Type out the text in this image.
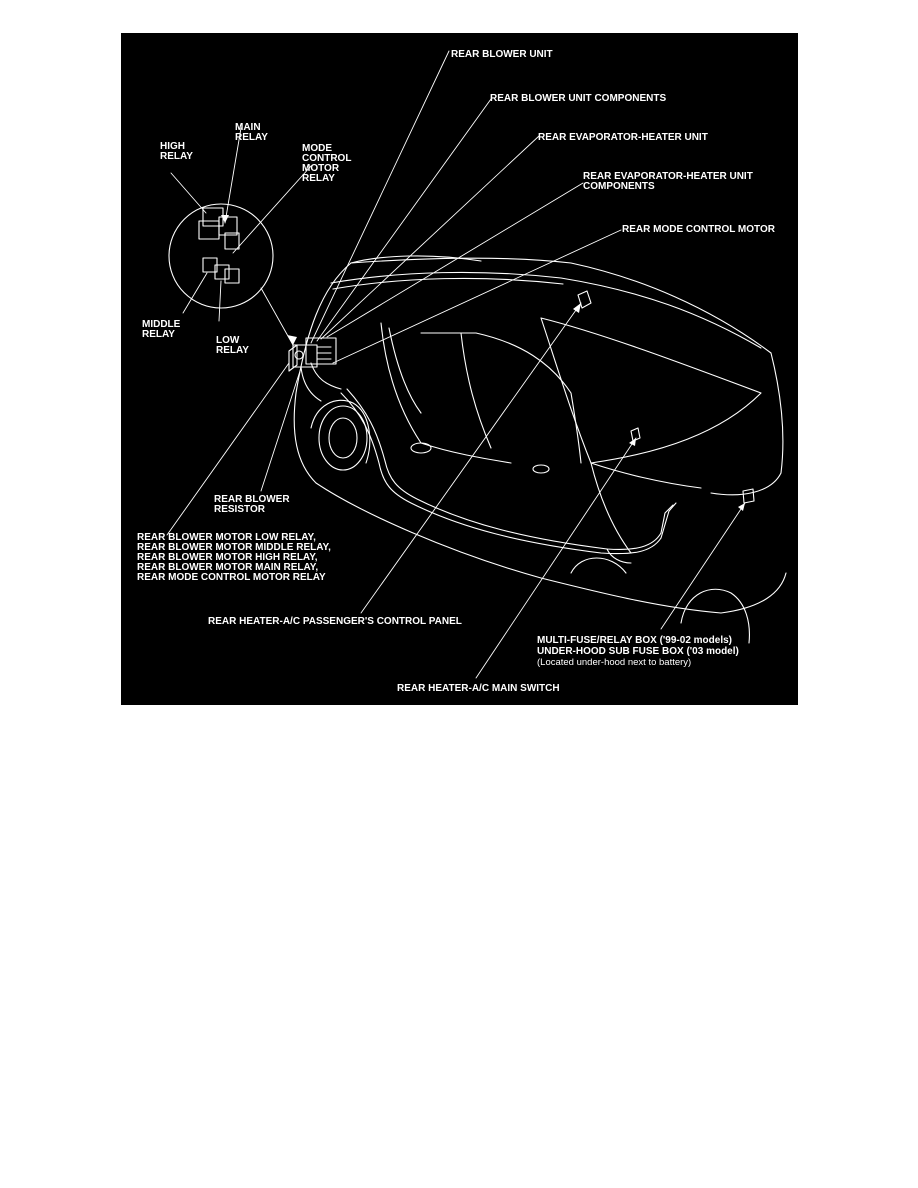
REAR BLOWER UNIT
REAR BLOWER UNIT COMPONENTS
REAR EVAPORATOR-HEATER UNIT
REAR EVAPORATOR-HEATER UNIT
COMPONENTS
REAR MODE CONTROL MOTOR
MAIN
RELAY
HIGH
RELAY
MODE
CONTROL
MOTOR
RELAY
MIDDLE
RELAY
LOW
RELAY
REAR BLOWER
RESISTOR
REAR BLOWER MOTOR LOW RELAY,
REAR BLOWER MOTOR MIDDLE RELAY,
REAR BLOWER MOTOR HIGH RELAY,
REAR BLOWER MOTOR MAIN RELAY,
REAR MODE CONTROL MOTOR RELAY
REAR HEATER-A/C PASSENGER'S CONTROL PANEL
MULTI-FUSE/RELAY BOX ('99-02 models)
UNDER-HOOD SUB FUSE BOX ('03 model)
(Located under-hood next to battery)
REAR HEATER-A/C MAIN SWITCH
